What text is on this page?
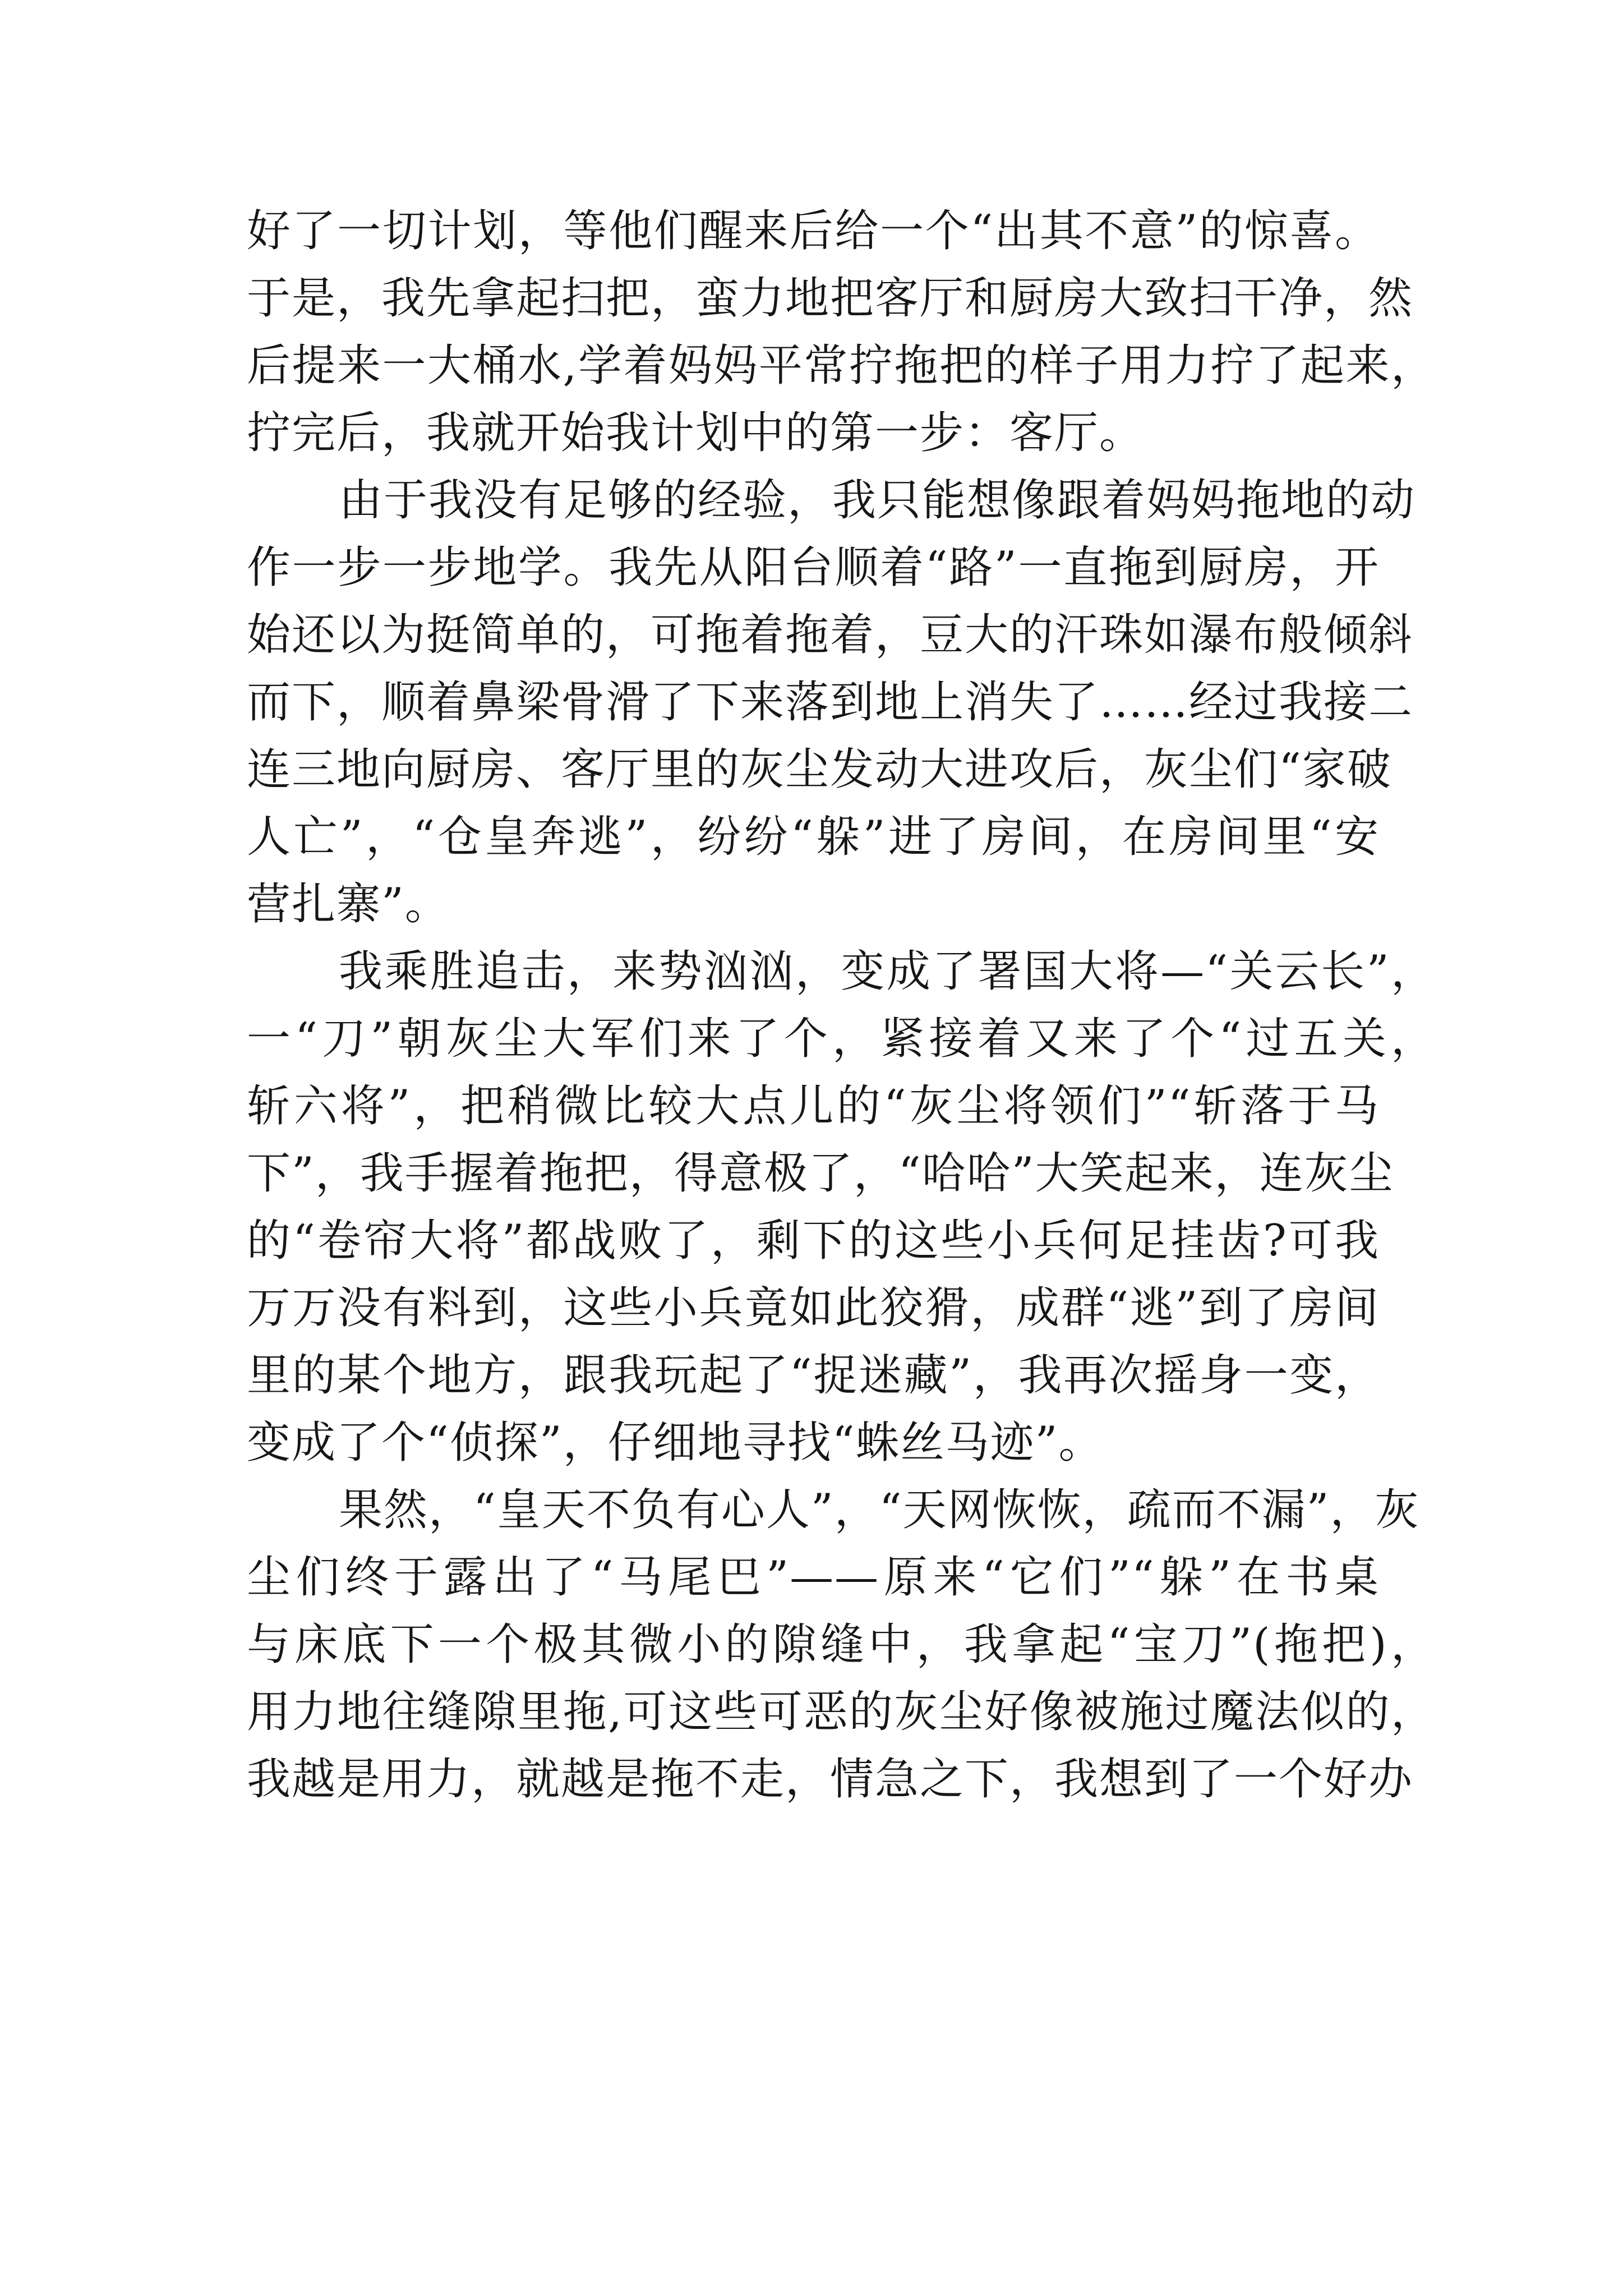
好了一切计划，等他们醒来后给一个“出其不意”的惊喜。
于是，我先拿起扫把，蛮力地把客厅和厨房大致扫干净，然
后提来一大桶水,学着妈妈平常拧拖把的样子用力拧了起来，
拧完后，我就开始我计划中的第一步：客厅。
由于我没有足够的经验，我只能想像跟着妈妈拖地的动
作一步一步地学。我先从阳台顺着“路”一直拖到厨房，开
始还以为挺简单的，可拖着拖着，豆大的汗珠如瀑布般倾斜
而下，顺着鼻梁骨滑了下来落到地上消失了……经过我接二
连三地向厨房、客厅里的灰尘发动大进攻后，灰尘们“家破
人亡”，“仓皇奔逃”，纷纷“躲”进了房间，在房间里“安
营扎寨”。
我乘胜追击，来势汹汹，变成了署国大将—“关云长”，
一“刀”朝灰尘大军们来了个，紧接着又来了个“过五关，
斩六将”，把稍微比较大点儿的“灰尘将领们”“斩落于马
下”，我手握着拖把，得意极了，“哈哈”大笑起来，连灰尘
的“卷帘大将”都战败了，剩下的这些小兵何足挂齿?可我
万万没有料到，这些小兵竟如此狡猾，成群“逃”到了房间
里的某个地方，跟我玩起了“捉迷藏”，我再次摇身一变，
变成了个“侦探”，仔细地寻找“蛛丝马迹”。
果然，“皇天不负有心人”，“天网恢恢，疏而不漏”，灰
尘们终于露出了“马尾巴”——原来“它们”“躲”在书桌
与床底下一个极其微小的隙缝中，我拿起“宝刀”(拖把)，
用力地往缝隙里拖,可这些可恶的灰尘好像被施过魔法似的，
我越是用力，就越是拖不走，情急之下，我想到了一个好办
